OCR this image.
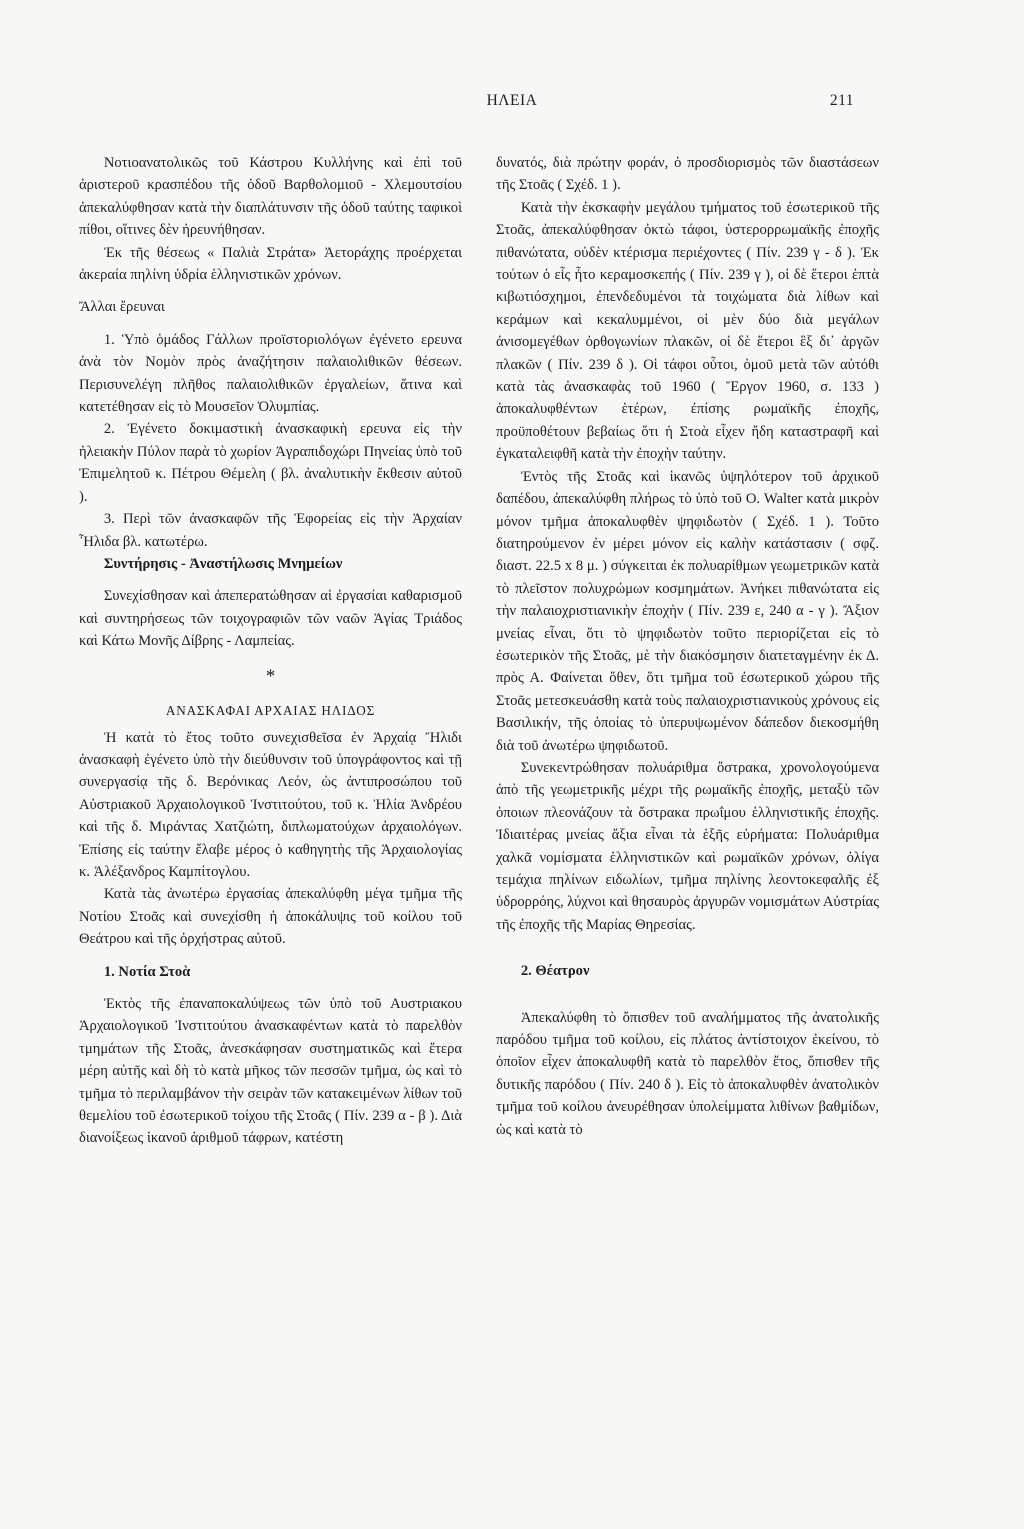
ΗΛΕΙΑ	211

Νοτιοανατολικῶς τοῦ Κάστρου Κυλλήνης καὶ ἐπὶ τοῦ ἀριστεροῦ κρασπέδου τῆς ὁδοῦ Βαρθολομιοῦ - Χλεμουτσίου ἀπεκαλύφθησαν κατὰ τὴν διαπλάτυνσιν τῆς ὁδοῦ ταύτης ταφικοὶ πίθοι, οἵτινες δὲν ἠρευνήθησαν.

Ἐκ τῆς θέσεως « Παλιὰ Στράτα» Ἀετοράχης προέρχεται ἀκεραία πηλίνη ὑδρία ἑλληνιστικῶν χρόνων.

Ἄλλαι ἔρευναι

1. Ὑπὸ ὁμάδος Γάλλων προϊστοριολόγων ἐγένετο ερευνα ἀνὰ τὸν Νομὸν πρὸς ἀναζήτησιν παλαιολιθικῶν θέσεων. Περισυνελέγη πλῆθος παλαιολιθικῶν ἐργαλείων, ἅτινα καὶ κατετέθησαν εἰς τὸ Μουσεῖον Ὀλυμπίας.

2. Ἐγένετο δοκιμαστικὴ ἀνασκαφικὴ ερευνα εἰς τὴν ἠλειακὴν Πύλον παρὰ τὸ χωρίον Ἀγραπιδοχώρι Πηνείας ὑπὸ τοῦ Ἐπιμελητοῦ κ. Πέτρου Θέμελη ( βλ. ἀναλυτικὴν ἔκθεσιν αὐτοῦ ).

3. Περὶ τῶν ἀνασκαφῶν τῆς Ἐφορείας εἰς τὴν Ἀρχαίαν Ἦλιδα βλ. κατωτέρω.

Συντήρησις - Ἀναστήλωσις Μνημείων

Συνεχίσθησαν καὶ ἀπεπερατώθησαν αἱ ἐργασίαι καθαρισμοῦ καὶ συντηρήσεως τῶν τοιχογραφιῶν τῶν ναῶν Ἁγίας Τριάδος καὶ Κάτω Μονῆς Δίβρης - Λαμπείας.

*
ΑΝΑΣΚΑΦΑΙ ΑΡΧΑΙΑΣ ΗΛΙΔΟΣ

Ἡ κατὰ τὸ ἔτος τοῦτο συνεχισθεῖσα ἐν Ἀρχαίᾳ Ἤλιδι ἀνασκαφὴ ἐγένετο ὑπὸ τὴν διεύθυνσιν τοῦ ὑπογράφοντος καὶ τῇ συνεργασίᾳ τῆς δ. Βερόνικας Λεόν, ὡς ἀντιπροσώπου τοῦ Αὐστριακοῦ Ἀρχαιολογικοῦ Ἰνστιτούτου, τοῦ κ. Ἠλία Ἀνδρέου καὶ τῆς δ. Μιράντας Χατζιώτη, διπλωματούχων ἀρχαιολόγων. Ἐπίσης εἰς ταύτην ἔλαβε μέρος ὁ καθηγητὴς τῆς Ἀρχαιολογίας κ. Ἀλέξανδρος Καμπίτογλου.

Κατὰ τὰς ἀνωτέρω ἐργασίας ἀπεκαλύφθη μέγα τμῆμα τῆς Νοτίου Στοᾶς καὶ συνεχίσθη ἡ ἀποκάλυψις τοῦ κοίλου τοῦ Θεάτρου καὶ τῆς ὀρχήστρας αὐτοῦ.

1. Νοτία Στοὰ

Ἐκτὸς τῆς ἐπαναποκαλύψεως τῶν ὑπὸ τοῦ Αυστριακου Ἀρχαιολογικοῦ Ἰνστιτούτου ἀνασκαφέντων κατὰ τὸ παρελθὸν τμημάτων τῆς Στοᾶς, ἀνεσκάφησαν συστηματικῶς καὶ ἕτερα μέρη αὐτῆς καὶ δὴ τὸ κατὰ μῆκος τῶν πεσσῶν τμῆμα, ὡς καὶ τὸ τμῆμα τὸ περιλαμβάνον τὴν σειρὰν τῶν κατακειμένων λίθων τοῦ θεμελίου τοῦ ἐσωτερικοῦ τοίχου τῆς Στοᾶς ( Πίν. 239 α - β ). Διὰ διανοίξεως ἱκανοῦ ἀριθμοῦ τάφρων, κατέστη

δυνατός, διὰ πρώτην φοράν, ὁ προσδιορισμὸς τῶν διαστάσεων τῆς Στοᾶς ( Σχέδ. 1 ).

Κατὰ τὴν ἐκσκαφὴν μεγάλου τμήματος τοῦ ἐσωτερικοῦ τῆς Στοᾶς, ἀπεκαλύφθησαν ὀκτὼ τάφοι, ὑστερορρωμαϊκῆς ἐποχῆς πιθανώτατα, οὐδὲν κτέρισμα περιέχοντες ( Πίν. 239 γ - δ ). Ἐκ τούτων ὁ εἷς ἦτο κεραμοσκεπής ( Πίν. 239 γ ), οἱ δὲ ἕτεροι ἑπτὰ κιβωτιόσχημοι, ἐπενδεδυμένοι τὰ τοιχώματα διὰ λίθων καὶ κεράμων καὶ κεκαλυμμένοι, οἱ μὲν δύο διὰ μεγάλων ἀνισομεγέθων ὀρθογωνίων πλακῶν, οἱ δὲ ἕτεροι ἓξ δι᾽ ἀργῶν πλακῶν ( Πίν. 239 δ ). Οἱ τάφοι οὗτοι, ὁμοῦ μετὰ τῶν αὐτόθι κατὰ τὰς ἀνασκαφὰς τοῦ 1960 ( Ἔργον 1960, σ. 133 ) ἀποκαλυφθέντων ἑτέρων, ἐπίσης ρωμαϊκῆς ἐποχῆς, προϋποθέτουν βεβαίως ὅτι ἡ Στοὰ εἶχεν ἤδη καταστραφῆ καὶ ἐγκαταλειφθῆ κατὰ τὴν ἐποχὴν ταύτην.

Ἐντὸς τῆς Στοᾶς καὶ ἱκανῶς ὑψηλότερον τοῦ ἀρχικοῦ δαπέδου, ἀπεκαλύφθη πλήρως τὸ ὑπὸ τοῦ Ο. Walter κατὰ μικρὸν μόνον τμῆμα ἀποκαλυφθὲν ψηφιδωτὸν ( Σχέδ. 1 ). Τοῦτο διατηρούμενον ἐν μέρει μόνον εἰς καλὴν κατάστασιν ( σφζ. διαστ. 22.5 x 8 μ. ) σύγκειται ἐκ πολυαρίθμων γεωμετρικῶν κατὰ τὸ πλεῖστον πολυχρώμων κοσμημάτων. Ἀνήκει πιθανώτατα εἰς τὴν παλαιοχριστιανικὴν ἐποχὴν ( Πίν. 239 ε, 240 α - γ ). Ἄξιον μνείας εἶναι, ὅτι τὸ ψηφιδωτὸν τοῦτο περιορίζεται εἰς τὸ ἐσωτερικὸν τῆς Στοᾶς, μὲ τὴν διακόσμησιν διατεταγμένην ἐκ Δ. πρὸς Α. Φαίνεται ὅθεν, ὅτι τμῆμα τοῦ ἐσωτερικοῦ χώρου τῆς Στοᾶς μετεσκευάσθη κατὰ τοὺς παλαιοχριστιανικοὺς χρόνους εἰς Βασιλικήν, τῆς ὁποίας τὸ ὑπερυψωμένον δάπεδον διεκοσμήθη διὰ τοῦ ἀνωτέρω ψηφιδωτοῦ.

Συνεκεντρώθησαν πολυάριθμα ὄστρακα, χρονολογούμενα ἀπὸ τῆς γεωμετρικῆς μέχρι τῆς ρωμαϊκῆς ἐποχῆς, μεταξὺ τῶν ὁποιων πλεονάζουν τὰ ὄστρακα πρωΐμου ἑλληνιστικῆς ἐποχῆς. Ἰδιαιτέρας μνείας ἄξια εἶναι τὰ ἑξῆς εὑρήματα: Πολυάριθμα χαλκᾶ νομίσματα ἑλληνιστικῶν καὶ ρωμαϊκῶν χρόνων, ὀλίγα τεμάχια πηλίνων ειδωλίων, τμῆμα πηλίνης λεοντοκεφαλῆς ἐξ ὑδρορρόης, λύχνοι καὶ θησαυρὸς ἀργυρῶν νομισμάτων Αὐστρίας τῆς ἐποχῆς τῆς Μαρίας Θηρεσίας.

2. Θέατρον

Ἀπεκαλύφθη τὸ ὄπισθεν τοῦ αναλήμματος τῆς ἀνατολικῆς παρόδου τμῆμα τοῦ κοίλου, εἰς πλάτος ἀντίστοιχον ἐκείνου, τὸ ὁποῖον εἶχεν ἀποκαλυφθῆ κατὰ τὸ παρελθὸν ἔτος, ὄπισθεν τῆς δυτικῆς παρόδου ( Πίν. 240 δ ). Εἰς τὸ ἀποκαλυφθὲν ἀνατολικὸν τμῆμα τοῦ κοίλου ἀνευρέθησαν ὑπολείμματα λιθίνων βαθμίδων, ὡς καὶ κατὰ τὸ
